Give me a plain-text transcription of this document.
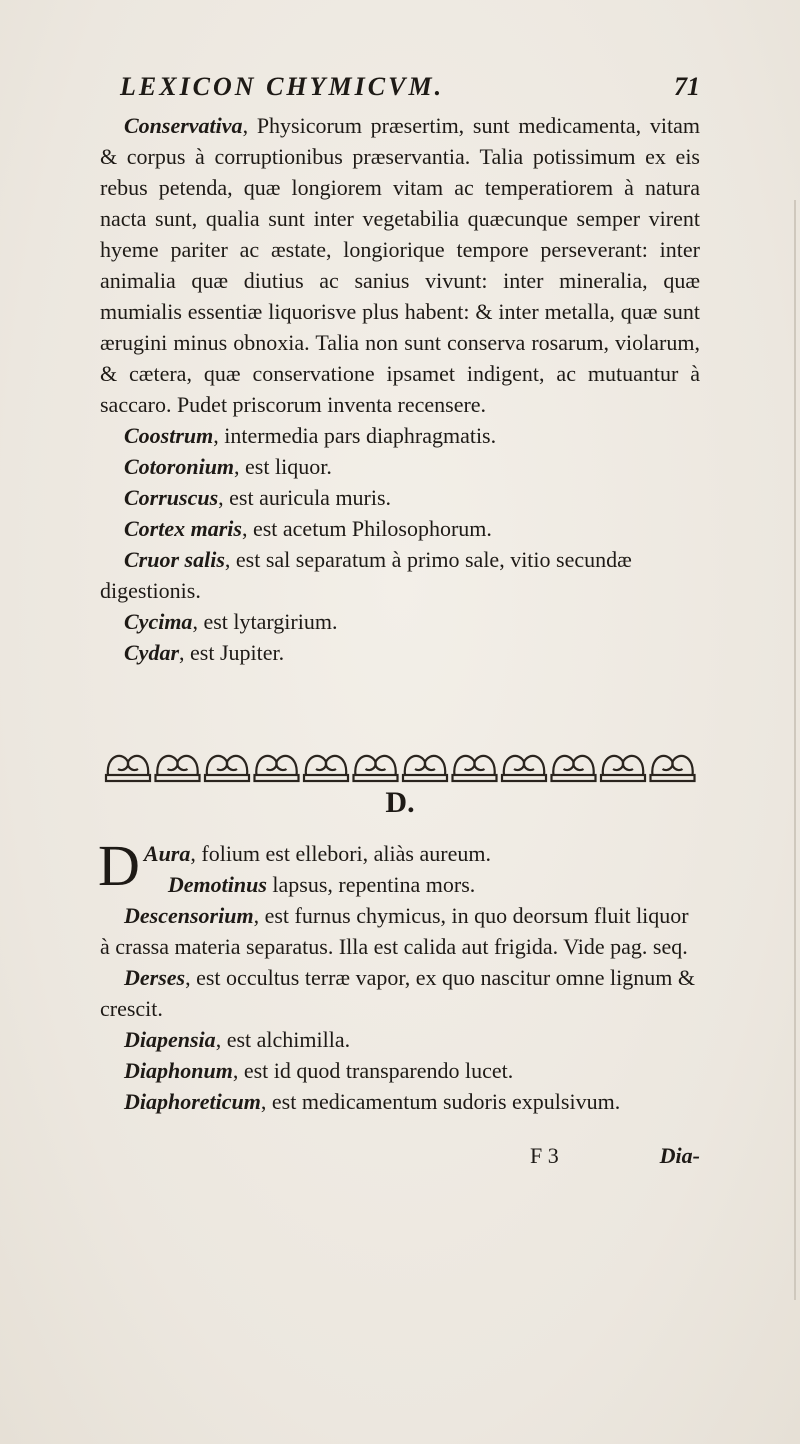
LEXICON CHYMICVM.	71

Conservativa, Physicorum præsertim, sunt medicamenta, vitam & corpus à corruptionibus præservantia. Talia potissimum ex eis rebus petenda, quæ longiorem vitam ac temperatiorem à natura nacta sunt, qualia sunt inter vegetabilia quæcunque semper virent hyeme pariter ac æstate, longiorique tempore perseverant: inter animalia quæ diutius ac sanius vivunt: inter mineralia, quæ mumialis essentiæ liquorisve plus habent: & inter metalla, quæ sunt ærugini minus obnoxia. Talia non sunt conserva rosarum, violarum, & cætera, quæ conservatione ipsamet indigent, ac mutuantur à saccaro. Pudet priscorum inventa recensere.

Coostrum, intermedia pars diaphragmatis.

Cotoronium, est liquor.

Corruscus, est auricula muris.

Cortex maris, est acetum Philosophorum.

Cruor salis, est sal separatum à primo sale, vitio secundæ digestionis.

Cycima, est lytargirium.

Cydar, est Jupiter.

D.

D Aura, folium est ellebori, aliàs aureum.

Demotinus lapsus, repentina mors.

Descensorium, est furnus chymicus, in quo deorsum fluit liquor à crassa materia separatus. Illa est calida aut frigida. Vide pag. seq.

Derses, est occultus terræ vapor, ex quo nascitur omne lignum & crescit.

Diapensia, est alchimilla.

Diaphonum, est id quod transparendo lucet.

Diaphoreticum, est medicamentum sudoris expulsivum.

F 3	Dia-
